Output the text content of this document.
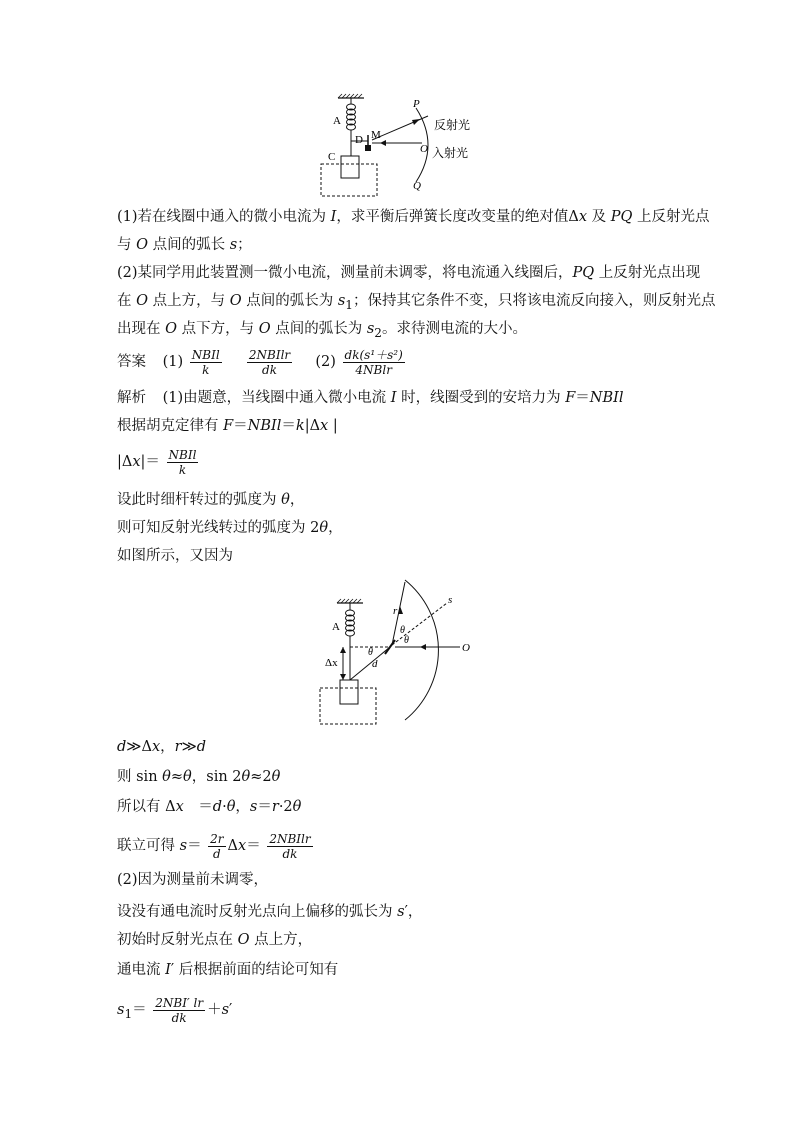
A
C
D M
P
O
Q
反射光
入射光
(1)若在线圈中通入的微小电流为 I，求平衡后弹簧长度改变量的绝对值Δx 及 PQ 上反射光点
与 O 点间的弧长 s；
(2)某同学用此装置测一微小电流，测量前未调零，将电流通入线圈后，PQ 上反射光点出现
在 O 点上方，与 O 点间的弧长为 $s_1$；保持其它条件不变，只将该电流反向接入，则反射光点
出现在 O 点下方，与 O 点间的弧长为 $s_2$。求待测电流的大小。
答案 $(1) \frac{\text{NBIl}}{k}$
$\frac{\text{2NBIlr}}{dk} (2) \frac{\text{dk(s¹＋s²)}}{\text{4NBlr}}$
解析 (1)由题意，当线圈中通入微小电流 I 时，线圈受到的安培力为 F＝NBIl
根据胡克定律有 F＝NBIl＝k|Δx |
$|\Delta x|= \frac{\text{NBIl}}{k}$
设此时细杆转过的弧度为 θ，
则可知反射光线转过的弧度为 2θ，
如图所示，又因为
A
Δx
r
s
O
θ
θ
θ
d
d≫Δx，r≫d
则 sin θ≈θ，sin 2θ≈2θ
所以有 Δx　＝d·θ，s＝r·2θ
联立可得 $s= \frac{2r}{d} \Delta x= \frac{\text{2NBIlr}}{dk}$
(2)因为测量前未调零，
设没有通电流时反射光点向上偏移的弧长为 s′，
初始时反射光点在 O 点上方，
通电流 I′ 后根据前面的结论可知有
$s_1= \frac{\text{2NBI′ lr}}{dk} +s'$
